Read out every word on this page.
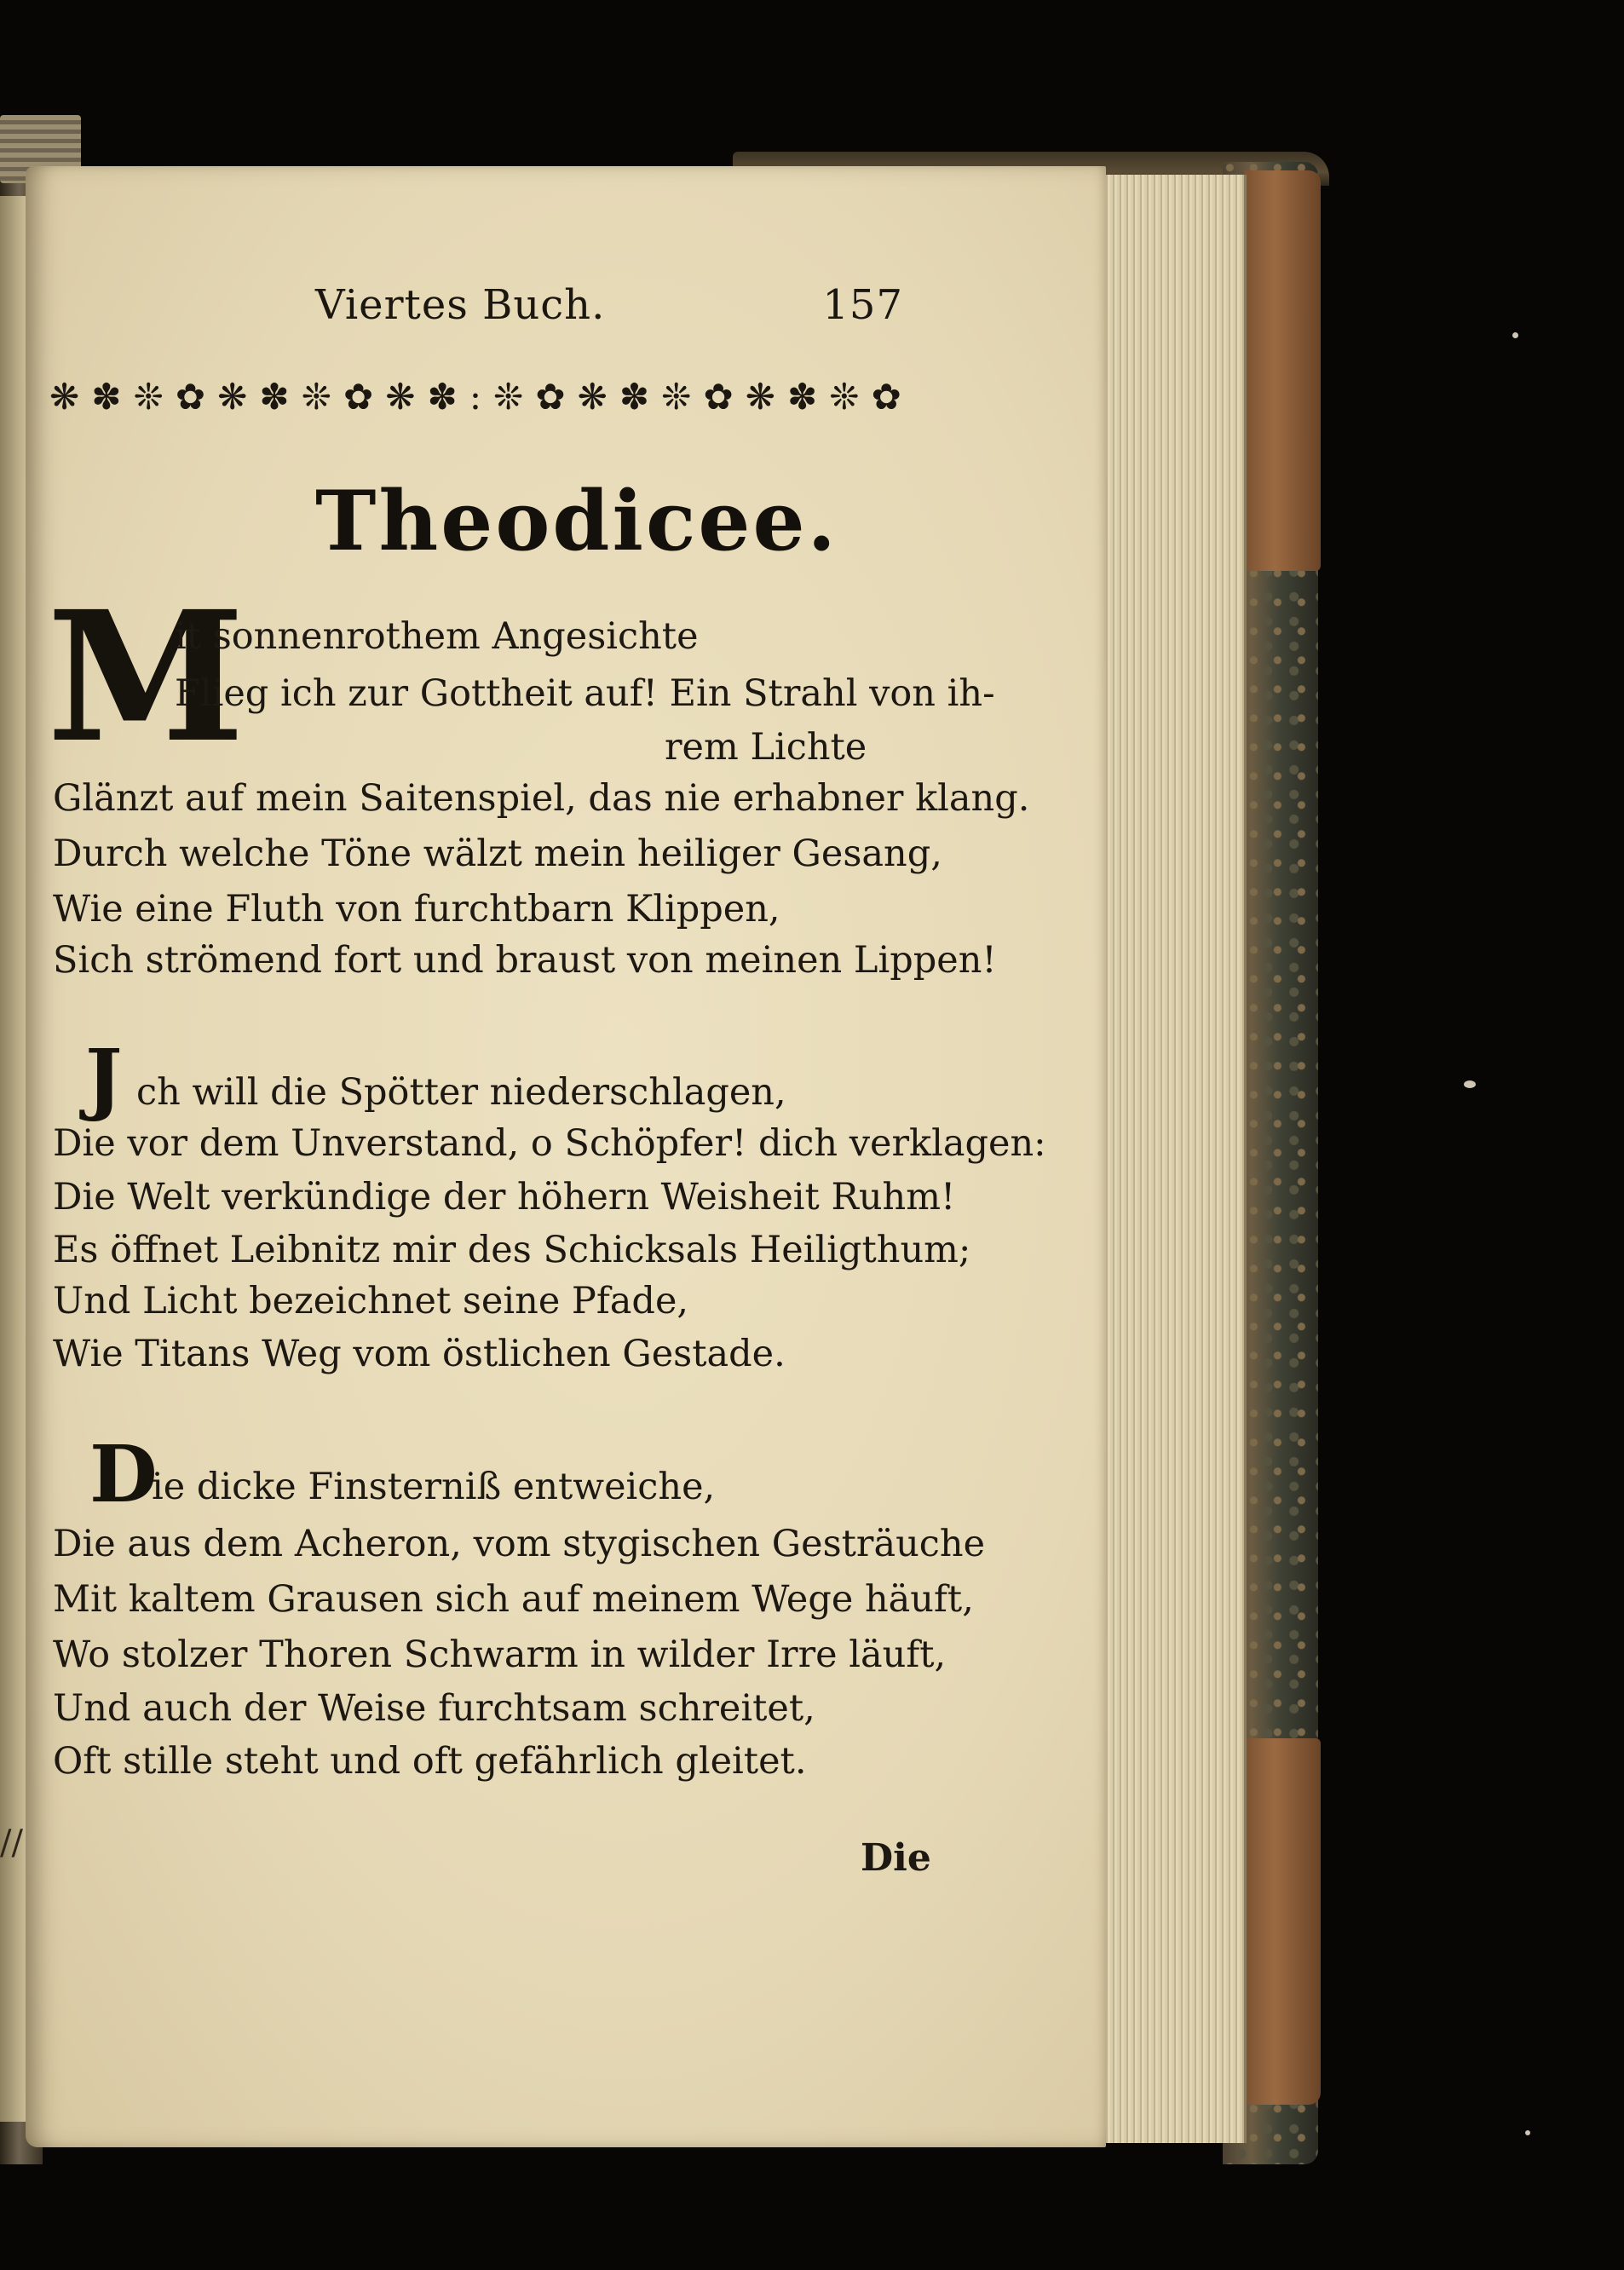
//
Viertes Buch.	157
❋ ✽ ❊ ✿ ❋ ✽ ❊ ✿ ❋ ✽ : ❊ ✿ ❋ ✽ ❊ ✿ ❋ ✽ ❊ ✿
Theodicee.
M
it sonnenrothem Angesichte
Flieg ich zur Gottheit auf! Ein Strahl von ih-
rem Lichte
Glänzt auf mein Saitenspiel, das nie erhabner klang.
Durch welche Töne wälzt mein heiliger Gesang,
Wie eine Fluth von furchtbarn Klippen,
Sich strömend fort und braust von meinen Lippen!
J ch will die Spötter niederschlagen,
Die vor dem Unverstand, o Schöpfer! dich verklagen:
Die Welt verkündige der höhern Weisheit Ruhm!
Es öffnet Leibnitz mir des Schicksals Heiligthum;
Und Licht bezeichnet seine Pfade,
Wie Titans Weg vom östlichen Gestade.
D
ie dicke Finsterniß entweiche,
Die aus dem Acheron, vom stygischen Gesträuche
Mit kaltem Grausen sich auf meinem Wege häuft,
Wo stolzer Thoren Schwarm in wilder Irre läuft,
Und auch der Weise furchtsam schreitet,
Oft stille steht und oft gefährlich gleitet.
Die
